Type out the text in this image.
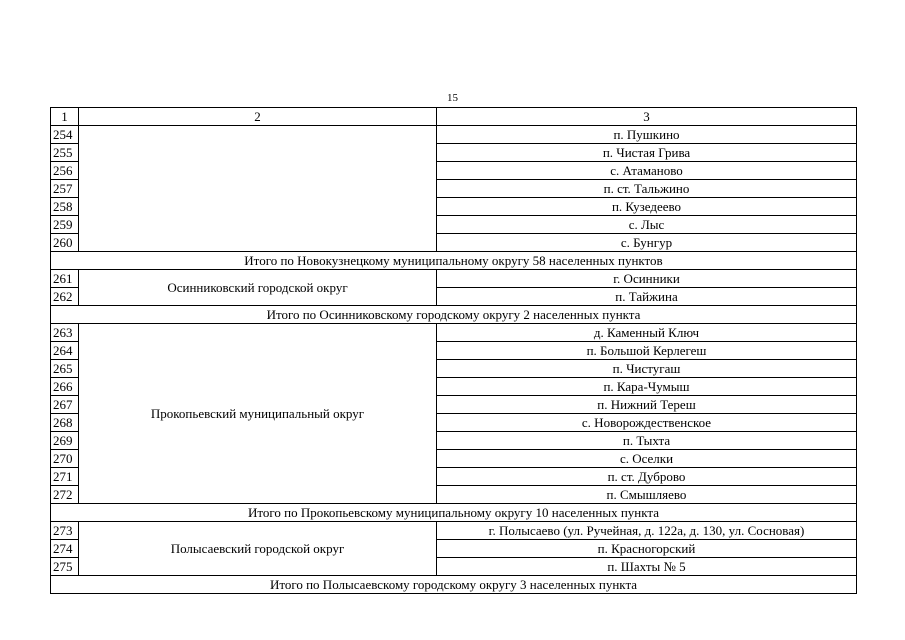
15
1	2	3
254		п. Пушкино
255		п. Чистая Грива
256		с. Атаманово
257		п. ст. Тальжино
258		п. Кузедеево
259		с. Лыс
260		с. Бунгур
Итого по Новокузнецкому муниципальному округу 58 населенных пунктов		
261	Осинниковский городской округ	г. Осинники
262		п. Тайжина
Итого по Осинниковскому городскому округу 2 населенных пункта		
263	Прокопьевский муниципальный округ	д. Каменный Ключ
264		п. Большой Керлегеш
265		п. Чистугаш
266		п. Кара-Чумыш
267		п. Нижний Тереш
268		с. Новорождественское
269		п. Тыхта
270		с. Оселки
271		п. ст. Дуброво
272		п. Смышляево
Итого по Прокопьевскому муниципальному округу 10 населенных пункта		
273	Полысаевский городской округ	г. Полысаево (ул. Ручейная, д. 122а, д. 130, ул. Сосновая)
274		п. Красногорский
275		п. Шахты № 5
Итого по Полысаевскому городскому округу 3 населенных пункта		
